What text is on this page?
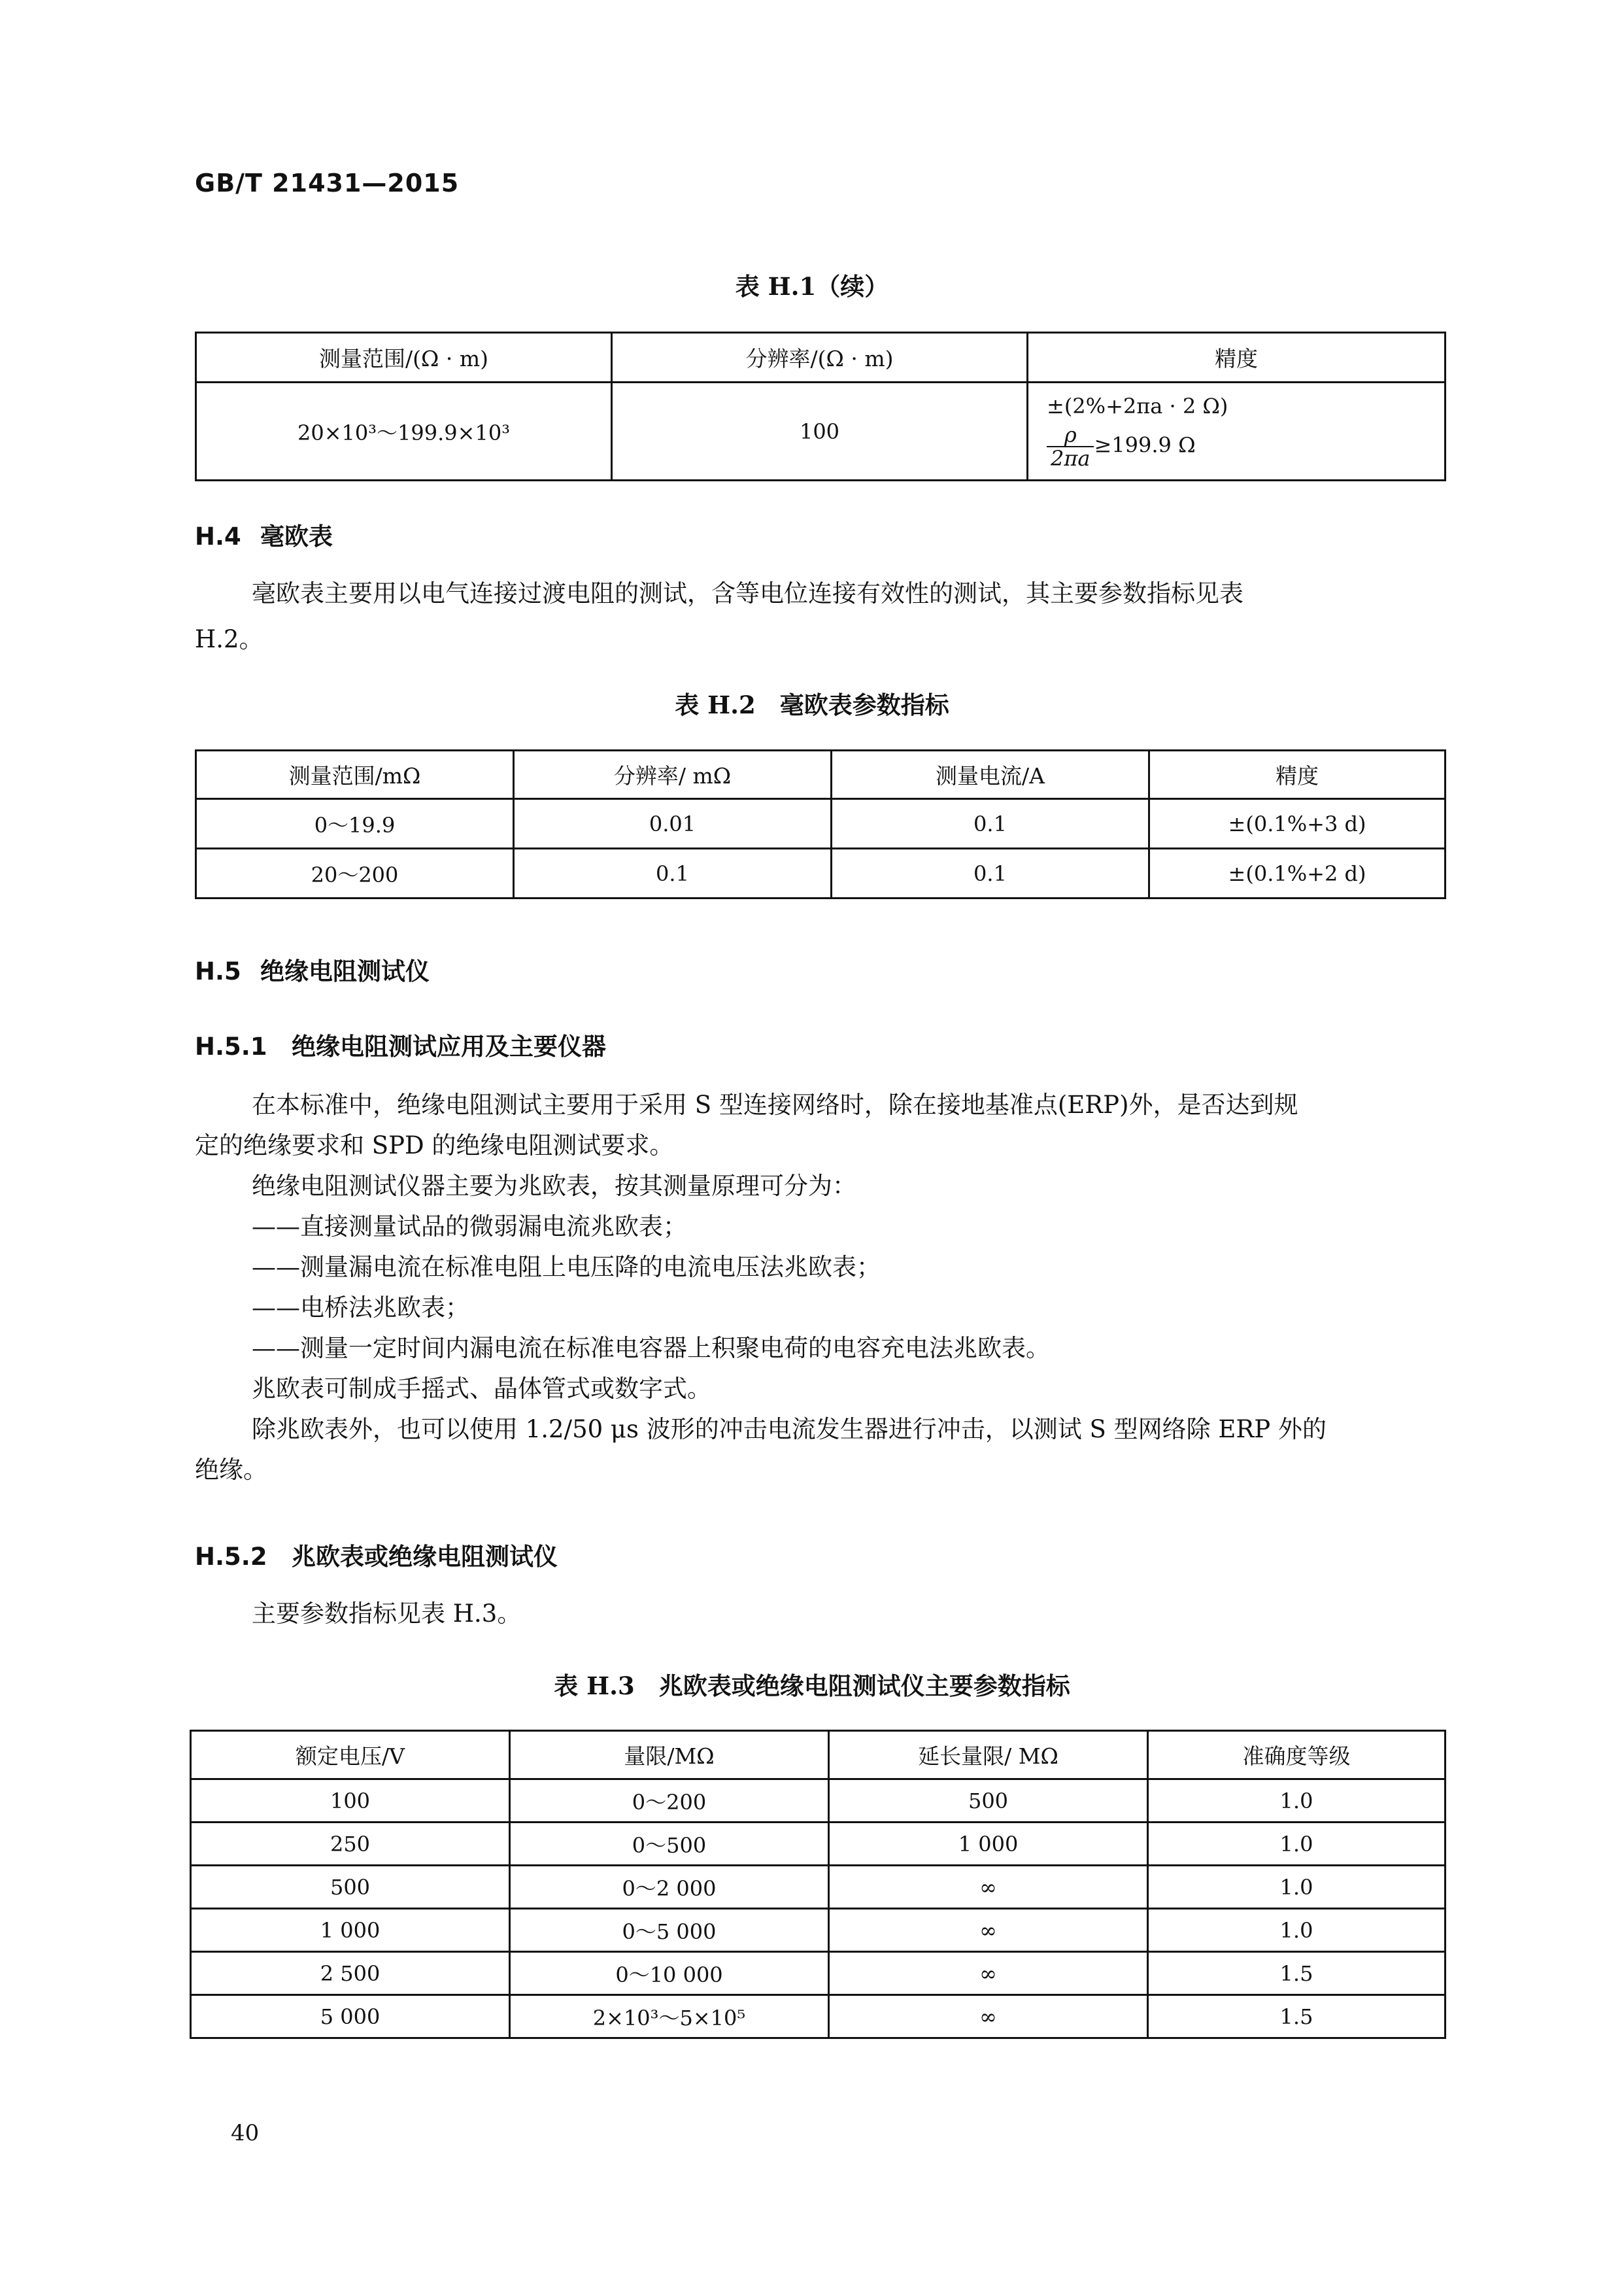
GB/T 21431—2015
表 H.1（续）
测量范围/(Ω · m)	分辨率/(Ω · m)	精度
20×10³～199.9×10³	100	±(2%+2πa · 2 Ω)
$\frac{\rho}{2\pi a} \ge 199.9$ Ω
H.4 毫欧表
毫欧表主要用以电气连接过渡电阻的测试，含等电位连接有效性的测试，其主要参数指标见表
H.2。
表 H.2　毫欧表参数指标
测量范围/mΩ	分辨率/ mΩ	测量电流/A	精度
0～19.9	0.01	0.1	±(0.1%+3 d)
20～200	0.1	0.1	±(0.1%+2 d)
H.5 绝缘电阻测试仪
H.5.1 绝缘电阻测试应用及主要仪器
在本标准中，绝缘电阻测试主要用于采用 S 型连接网络时，除在接地基准点(ERP)外，是否达到规
定的绝缘要求和 SPD 的绝缘电阻测试要求。
绝缘电阻测试仪器主要为兆欧表，按其测量原理可分为：
——直接测量试品的微弱漏电流兆欧表；
——测量漏电流在标准电阻上电压降的电流电压法兆欧表；
——电桥法兆欧表；
——测量一定时间内漏电流在标准电容器上积聚电荷的电容充电法兆欧表。
兆欧表可制成手摇式、晶体管式或数字式。
除兆欧表外，也可以使用 1.2/50 μs 波形的冲击电流发生器进行冲击，以测试 S 型网络除 ERP 外的
绝缘。
H.5.2 兆欧表或绝缘电阻测试仪
主要参数指标见表 H.3。
表 H.3　兆欧表或绝缘电阻测试仪主要参数指标
额定电压/V	量限/MΩ	延长量限/ MΩ	准确度等级
100	0～200	500	1.0
250	0～500	1 000	1.0
500	0～2 000	∞	1.0
1 000	0～5 000	∞	1.0
2 500	0～10 000	∞	1.5
5 000	2×10³～5×10⁵	∞	1.5
40
